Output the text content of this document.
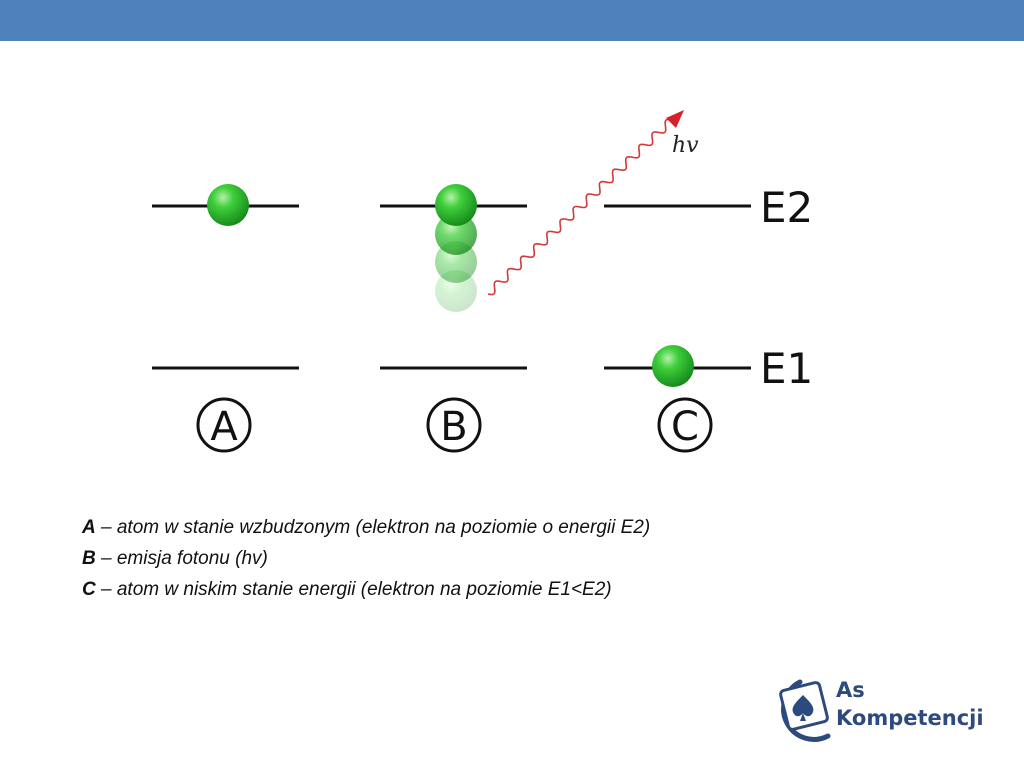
hv
E2
E1
A	B	C
A – atom w stanie wzbudzonym (elektron na poziomie o energii E2)
B – emisja fotonu (hv)
C – atom w niskim stanie energii (elektron na poziomie E1<E2)
As
Kompetencji
